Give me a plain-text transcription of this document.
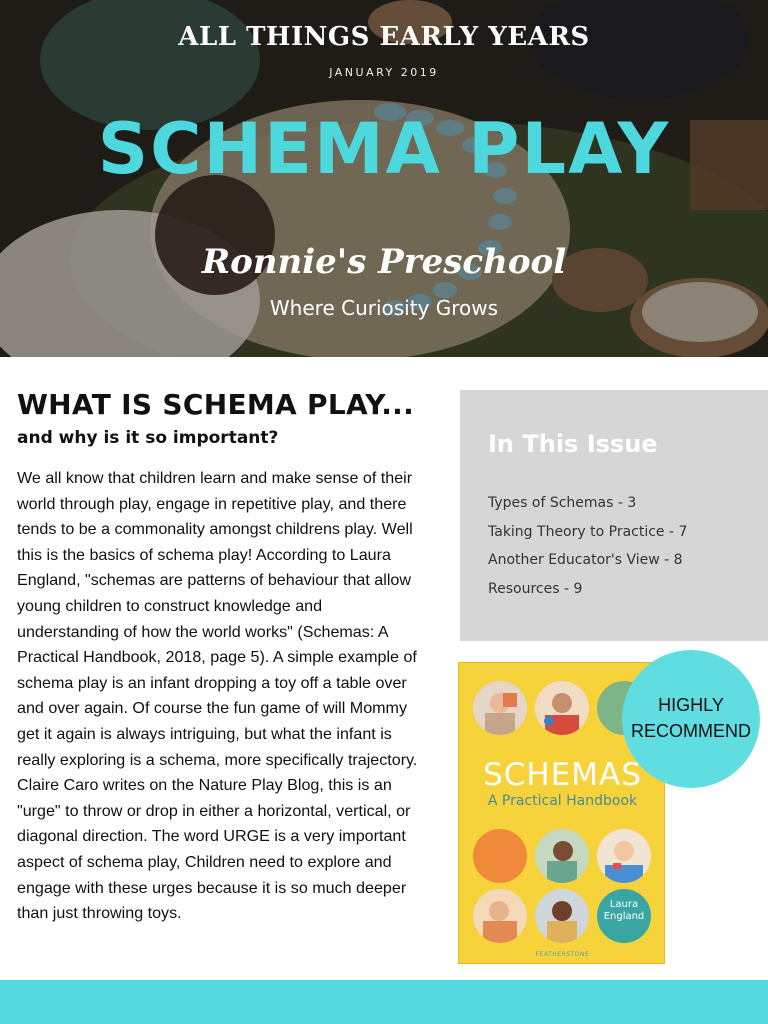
ALL THINGS EARLY YEARS
JANUARY 2019
SCHEMA PLAY
Ronnie's Preschool
Where Curiosity Grows
WHAT IS SCHEMA PLAY...
and why is it so important?

We all know that children learn and make sense of their world through play, engage in repetitive play, and there tends to be a commonality amongst childrens play. Well this is the basics of schema play! According to Laura England, "schemas are patterns of behaviour that allow young children to construct knowledge and understanding of how the world works" (Schemas: A Practical Handbook, 2018, page 5). A simple example of schema play is an infant dropping a toy off a table over and over again. Of course the fun game of will Mommy get it again is always intriguing, but what the infant is really exploring is a schema, more specifically trajectory. Claire Caro writes on the Nature Play Blog, this is an "urge" to throw or drop in either a horizontal, vertical, or diagonal direction. The word URGE is a very important aspect of schema play, Children need to explore and engage with these urges because it is so much deeper than just throwing toys.

In This Issue
Types of Schemas - 3
Taking Theory to Practice - 7
Another Educator's View - 8
Resources - 9
SCHEMAS
A Practical Handbook
Laura
England
FEATHERSTONE
HIGHLY
RECOMMEND
